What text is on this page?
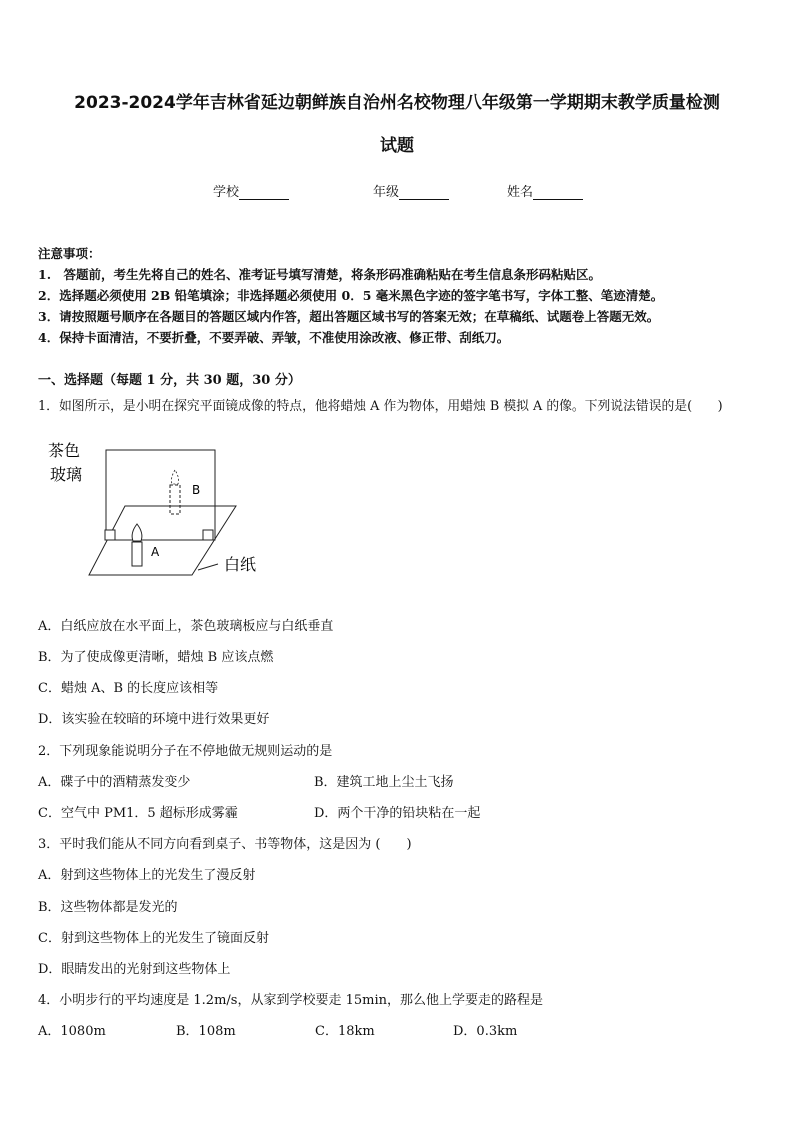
2023-2024学年吉林省延边朝鲜族自治州名校物理八年级第一学期期末教学质量检测
试题
学校	年级	姓名
注意事项：
1.　答题前，考生先将自己的姓名、准考证号填写清楚，将条形码准确粘贴在考生信息条形码粘贴区。
2．选择题必须使用 2B 铅笔填涂；非选择题必须使用 0．5 毫米黑色字迹的签字笔书写，字体工整、笔迹清楚。
3．请按照题号顺序在各题目的答题区域内作答，超出答题区域书写的答案无效；在草稿纸、试题卷上答题无效。
4．保持卡面清洁，不要折叠，不要弄破、弄皱，不准使用涂改液、修正带、刮纸刀。
一、选择题（每题 1 分，共 30 题，30 分）
1．如图所示，是小明在探究平面镜成像的特点，他将蜡烛 A 作为物体，用蜡烛 B 模拟 A 的像。下列说法错误的是(　　)
茶色
玻璃
B
A
白纸
A．白纸应放在水平面上，茶色玻璃板应与白纸垂直
B．为了使成像更清晰，蜡烛 B 应该点燃
C．蜡烛 A、B 的长度应该相等
D．该实验在较暗的环境中进行效果更好
2．下列现象能说明分子在不停地做无规则运动的是
A．碟子中的酒精蒸发变少	B．建筑工地上尘土飞扬
C．空气中 PM1．5 超标形成雾霾	D．两个干净的铅块粘在一起
3．平时我们能从不同方向看到桌子、书等物体，这是因为 (　　)
A．射到这些物体上的光发生了漫反射
B．这些物体都是发光的
C．射到这些物体上的光发生了镜面反射
D．眼睛发出的光射到这些物体上
4．小明步行的平均速度是 1.2m/s，从家到学校要走 15min，那么他上学要走的路程是
A．1080m	B．108m	C．18km	D．0.3km
